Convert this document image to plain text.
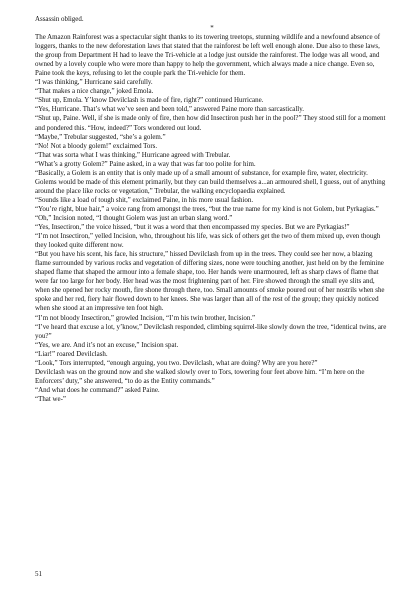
Assassin obliged.

*

The Amazon Rainforest was a spectacular sight thanks to its towering treetops, stunning wildlife and a newfound absence of loggers, thanks to the new deforestation laws that stated that the rainforest be left well enough alone. Due also to these laws, the group from Department H had to leave the Tri-vehicle at a lodge just outside the rainforest. The lodge was all wood, and owned by a lovely couple who were more than happy to help the government, which always made a nice change. Even so, Paine took the keys, refusing to let the couple park the Tri-vehicle for them.

“I was thinking,” Hurricane said carefully.

“That makes a nice change,” joked Emola.

“Shut up, Emola. Y’know Devilclash is made of fire, right?” continued Hurricane.

“Yes, Hurricane. That’s what we’ve seen and been told,” answered Paine more than sarcastically.

“Shut up, Paine. Well, if she is made only of fire, then how did Insectiron push her in the pool?” They stood still for a moment and pondered this. “How, indeed?” Tors wondered out loud.

“Maybe,” Trebular suggested, “she’s a golem.”

“No! Not a bloody golem!” exclaimed Tors.

“That was sorta what I was thinking,” Hurricane agreed with Trebular.

“What’s a grotty Golem?” Paine asked, in a way that was far too polite for him.

“Basically, a Golem is an entity that is only made up of a small amount of substance, for example fire, water, electricity. Golems would be made of this element primarily, but they can build themselves a...an armoured shell, I guess, out of anything around the place like rocks or vegetation,” Trebular, the walking encyclopaedia explained.

“Sounds like a load of tough shit,” exclaimed Paine, in his more usual fashion.

“You’re right, blue hair,” a voice rang from amongst the trees, “but the true name for my kind is not Golem, but Pyrkagias.”

“Oh,” Incision noted, “I thought Golem was just an urban slang word.”

“Yes, Insectiron,” the voice hissed, “but it was a word that then encompassed my species. But we are Pyrkagias!”

“I’m not Insectiron,” yelled Incision, who, throughout his life, was sick of others get the two of them mixed up, even though they looked quite different now.

“But you have his scent, his face, his structure,” hissed Devilclash from up in the trees. They could see her now, a blazing flame surrounded by various rocks and vegetation of differing sizes, none were touching another, just held on by the feminine shaped flame that shaped the armour into a female shape, too. Her hands were unarmoured, left as sharp claws of flame that were far too large for her body. Her head was the most frightening part of her. Fire showed through the small eye slits and, when she opened her rocky mouth, fire shone through there, too. Small amounts of smoke poured out of her nostrils when she spoke and her red, fiery hair flowed down to her knees. She was larger than all of the rest of the group; they quickly noticed when she stood at an impressive ten foot high.

“I’m not bloody Insectiron,” growled Incision, “I’m his twin brother, Incision.”

“I’ve heard that excuse a lot, y’know,” Devilclash responded, climbing squirrel-like slowly down the tree, “identical twins, are you?”

“Yes, we are. And it’s not an excuse,” Incision spat.

“Liar!” roared Devilclash.

“Look,” Tors interrupted, “enough arguing, you two. Devilclash, what are doing? Why are you here?”

Devilclash was on the ground now and she walked slowly over to Tors, towering four feet above him. “I’m here on the Enforcers’ duty,” she answered, “to do as the Entity commands.”

“And what does he command?” asked Paine.

“That we-”

51
